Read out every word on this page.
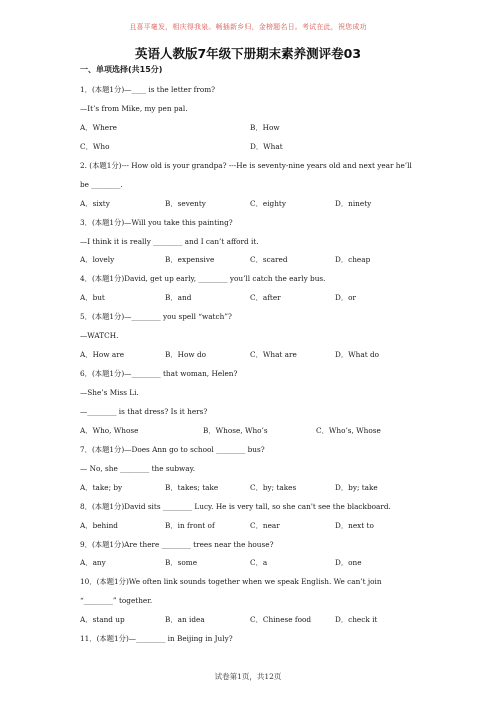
且喜平毫发，相庆得我泉。畅插新乡归，金榜题名日。考试在此，祝您成功
英语人教版7年级下册期末素养测评卷03
一、单项选择(共15分)
1．(本题1分)—____ is the letter from?
—It’s from Mike, my pen pal.
A．Where	B．How
C．Who	D．What
2. (本题1分)--- How old is your grandpa? ---He is seventy-nine years old and next year he’ll be ________.
A．sixty	B．seventy	C．eighty	D．ninety
3．(本题1分)—Will you take this painting?
—I think it is really ________ and I can’t afford it.
A．lovely	B．expensive	C．scared	D．cheap
4．(本题1分)David, get up early, ________ you’ll catch the early bus.
A．but	B．and	C．after	D．or
5．(本题1分)—________ you spell “watch”?
—WATCH.
A．How are	B．How do	C．What are	D．What do
6．(本题1分)—________ that woman, Helen?
—She’s Miss Li.
—________ is that dress? Is it hers?
A．Who, Whose	B．Whose, Who’s	C．Who’s, Whose
7．(本题1分)—Does Ann go to school ________ bus?
— No, she ________ the subway.
A．take; by	B．takes; take	C．by; takes	D．by; take
8．(本题1分)David sits ________ Lucy. He is very tall, so she can't see the blackboard.
A．behind	B．in front of	C．near	D．next to
9．(本题1分)Are there ________ trees near the house?
A．any	B．some	C．a	D．one
10．(本题1分)We often link sounds together when we speak English. We can’t join
“________” together.
A．stand up	B．an idea	C．Chinese food	D．check it
11．(本题1分)—________ in Beijing in July?
试卷第1页，共12页
